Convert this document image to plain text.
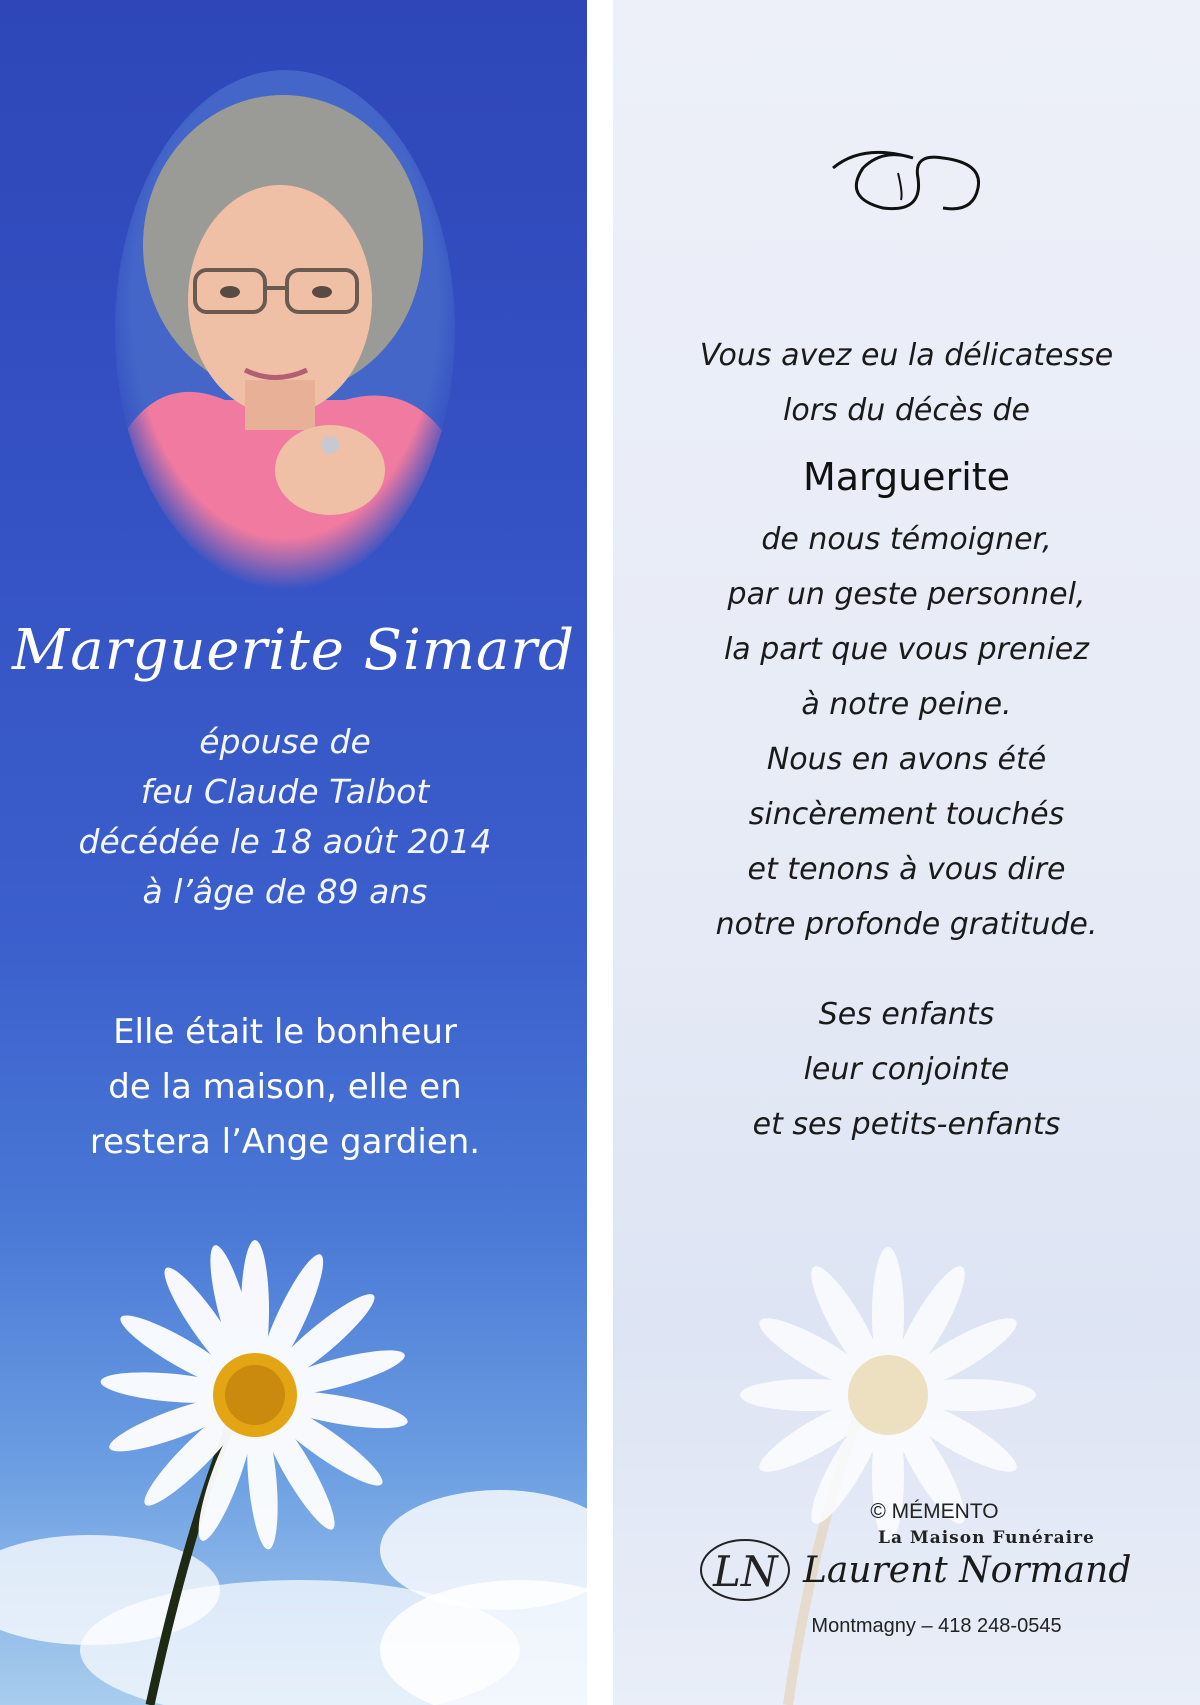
Marguerite Simard
épouse de
feu Claude Talbot
décédée le 18 août 2014
à l’âge de 89 ans
Elle était le bonheur
de la maison, elle en
restera l’Ange gardien.
Vous avez eu la délicatesse
lors du décès de
Marguerite
de nous témoigner,
par un geste personnel,
la part que vous preniez
à notre peine.
Nous en avons été
sincèrement touchés
et tenons à vous dire
notre profonde gratitude.
Ses enfants
leur conjointe
et ses petits-enfants
© MÉMENTO
La Maison Funéraire
LN Laurent Normand
Montmagny – 418 248-0545
